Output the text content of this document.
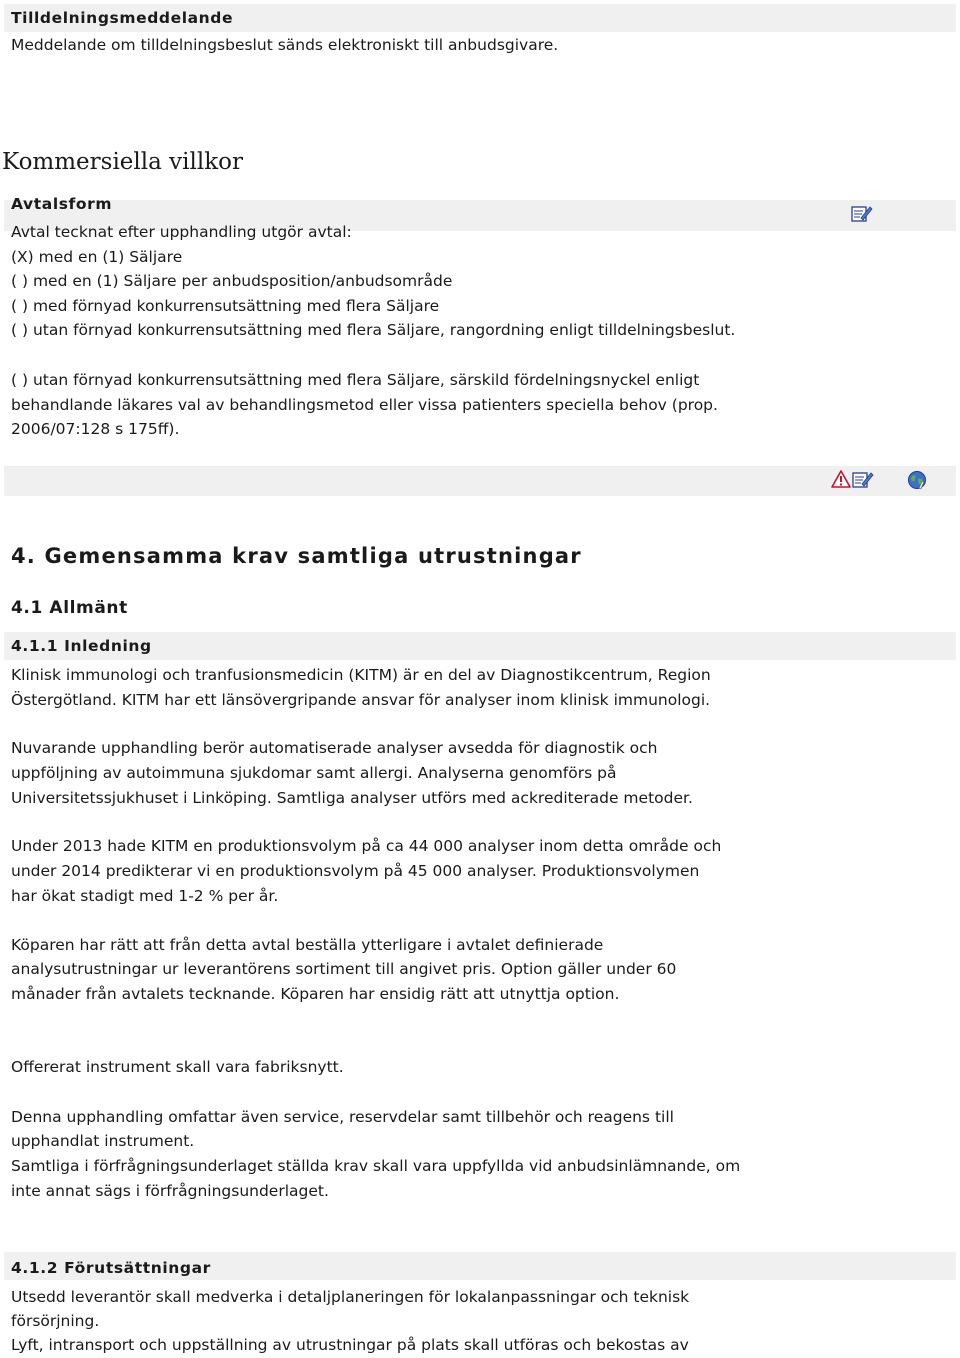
Tilldelningsmeddelande
Meddelande om tilldelningsbeslut sänds elektroniskt till anbudsgivare.
Kommersiella villkor
Avtalsform
Avtal tecknat efter upphandling utgör avtal:
(X) med en (1) Säljare
( ) med en (1) Säljare per anbudsposition/anbudsområde
( ) med förnyad konkurrensutsättning med flera Säljare
( ) utan förnyad konkurrensutsättning med flera Säljare, rangordning enligt tilldelningsbeslut.
( ) utan förnyad konkurrensutsättning med flera Säljare, särskild fördelningsnyckel enligt
behandlande läkares val av behandlingsmetod eller vissa patienters speciella behov (prop.
2006/07:128 s 175ff).
4. Gemensamma krav samtliga utrustningar
4.1 Allmänt
4.1.1 Inledning
Klinisk immunologi och tranfusionsmedicin (KITM) är en del av Diagnostikcentrum, Region
Östergötland. KITM har ett länsövergripande ansvar för analyser inom klinisk immunologi.
Nuvarande upphandling berör automatiserade analyser avsedda för diagnostik och
uppföljning av autoimmuna sjukdomar samt allergi. Analyserna genomförs på
Universitetssjukhuset i Linköping. Samtliga analyser utförs med ackrediterade metoder.
Under 2013 hade KITM en produktionsvolym på ca 44 000 analyser inom detta område och
under 2014 predikterar vi en produktionsvolym på 45 000 analyser. Produktionsvolymen
har ökat stadigt med 1-2 % per år.
Köparen har rätt att från detta avtal beställa ytterligare i avtalet definierade
analysutrustningar ur leverantörens sortiment till angivet pris. Option gäller under 60
månader från avtalets tecknande. Köparen har ensidig rätt att utnyttja option.
Offererat instrument skall vara fabriksnytt.
Denna upphandling omfattar även service, reservdelar samt tillbehör och reagens till
upphandlat instrument.
Samtliga i förfrågningsunderlaget ställda krav skall vara uppfyllda vid anbudsinlämnande, om
inte annat sägs i förfrågningsunderlaget.
4.1.2 Förutsättningar
Utsedd leverantör skall medverka i detaljplaneringen för lokalanpassningar och teknisk
försörjning.
Lyft, intransport och uppställning av utrustningar på plats skall utföras och bekostas av
